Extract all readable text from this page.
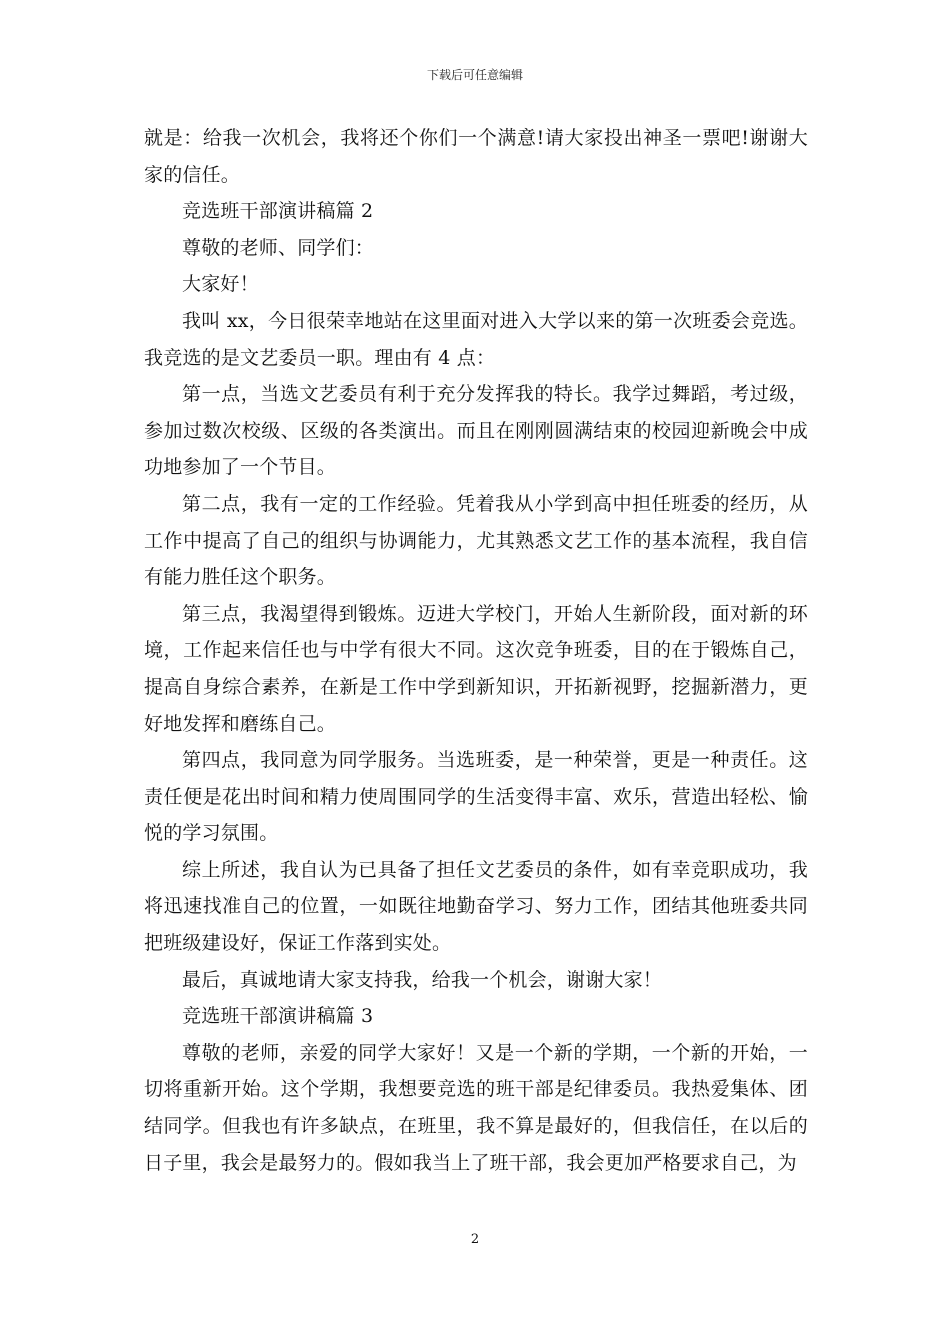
下载后可任意编辑

就是：给我一次机会，我将还个你们一个满意!请大家投出神圣一票吧!谢谢大家的信任。

竞选班干部演讲稿篇 2

尊敬的老师、同学们：

大家好！

我叫 xx，今日很荣幸地站在这里面对进入大学以来的第一次班委会竞选。我竞选的是文艺委员一职。理由有 4 点：

第一点，当选文艺委员有利于充分发挥我的特长。我学过舞蹈，考过级，参加过数次校级、区级的各类演出。而且在刚刚圆满结束的校园迎新晚会中成功地参加了一个节目。

第二点，我有一定的工作经验。凭着我从小学到高中担任班委的经历，从工作中提高了自己的组织与协调能力，尤其熟悉文艺工作的基本流程，我自信有能力胜任这个职务。

第三点，我渴望得到锻炼。迈进大学校门，开始人生新阶段，面对新的环境，工作起来信任也与中学有很大不同。这次竞争班委，目的在于锻炼自己，提高自身综合素养，在新是工作中学到新知识，开拓新视野，挖掘新潜力，更好地发挥和磨练自己。

第四点，我同意为同学服务。当选班委，是一种荣誉，更是一种责任。这责任便是花出时间和精力使周围同学的生活变得丰富、欢乐，营造出轻松、愉悦的学习氛围。

综上所述，我自认为已具备了担任文艺委员的条件，如有幸竞职成功，我将迅速找准自己的位置，一如既往地勤奋学习、努力工作，团结其他班委共同把班级建设好，保证工作落到实处。

最后，真诚地请大家支持我，给我一个机会，谢谢大家！

竞选班干部演讲稿篇 3

尊敬的老师，亲爱的同学大家好！又是一个新的学期，一个新的开始，一切将重新开始。这个学期，我想要竞选的班干部是纪律委员。我热爱集体、团结同学。但我也有许多缺点，在班里，我不算是最好的，但我信任，在以后的日子里，我会是最努力的。假如我当上了班干部，我会更加严格要求自己，为

2
